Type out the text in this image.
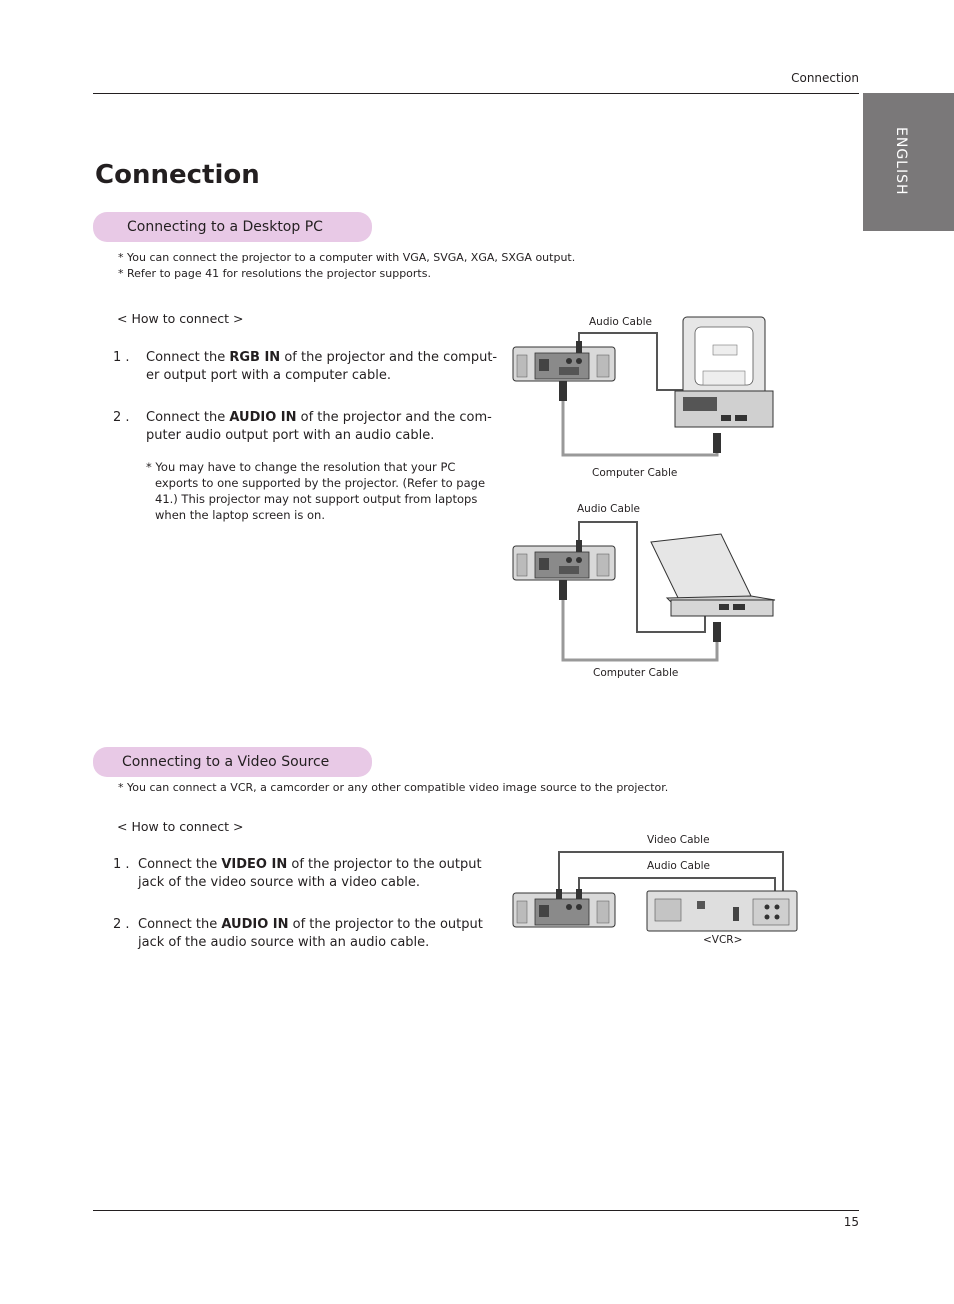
Connection
ENGLISH
Connection
Connecting to a Desktop PC
* You can connect the projector to a computer with VGA, SVGA, XGA, SXGA output.
* Refer to page 41 for resolutions the projector supports.
< How to connect >
1 . Connect the RGB IN of the projector and the comput-
er output port with a computer cable.
2 . Connect the AUDIO IN of the projector and the com-
puter audio output port with an audio cable.
* You may have to change the resolution that your PC
exports to one supported by the projector. (Refer to page
41.) This projector may not support output from laptops
when the laptop screen is on.
Audio Cable
Computer Cable
Audio Cable
Computer Cable
Connecting to a Video Source
* You can connect a VCR, a camcorder or any other compatible video image source to the projector.
< How to connect >
1 . Connect the VIDEO IN of the projector to the output
jack of the video source with a video cable.
2 . Connect the AUDIO IN of the projector to the output
jack of the audio source with an audio cable.
Video Cable
Audio Cable
<VCR>
15
